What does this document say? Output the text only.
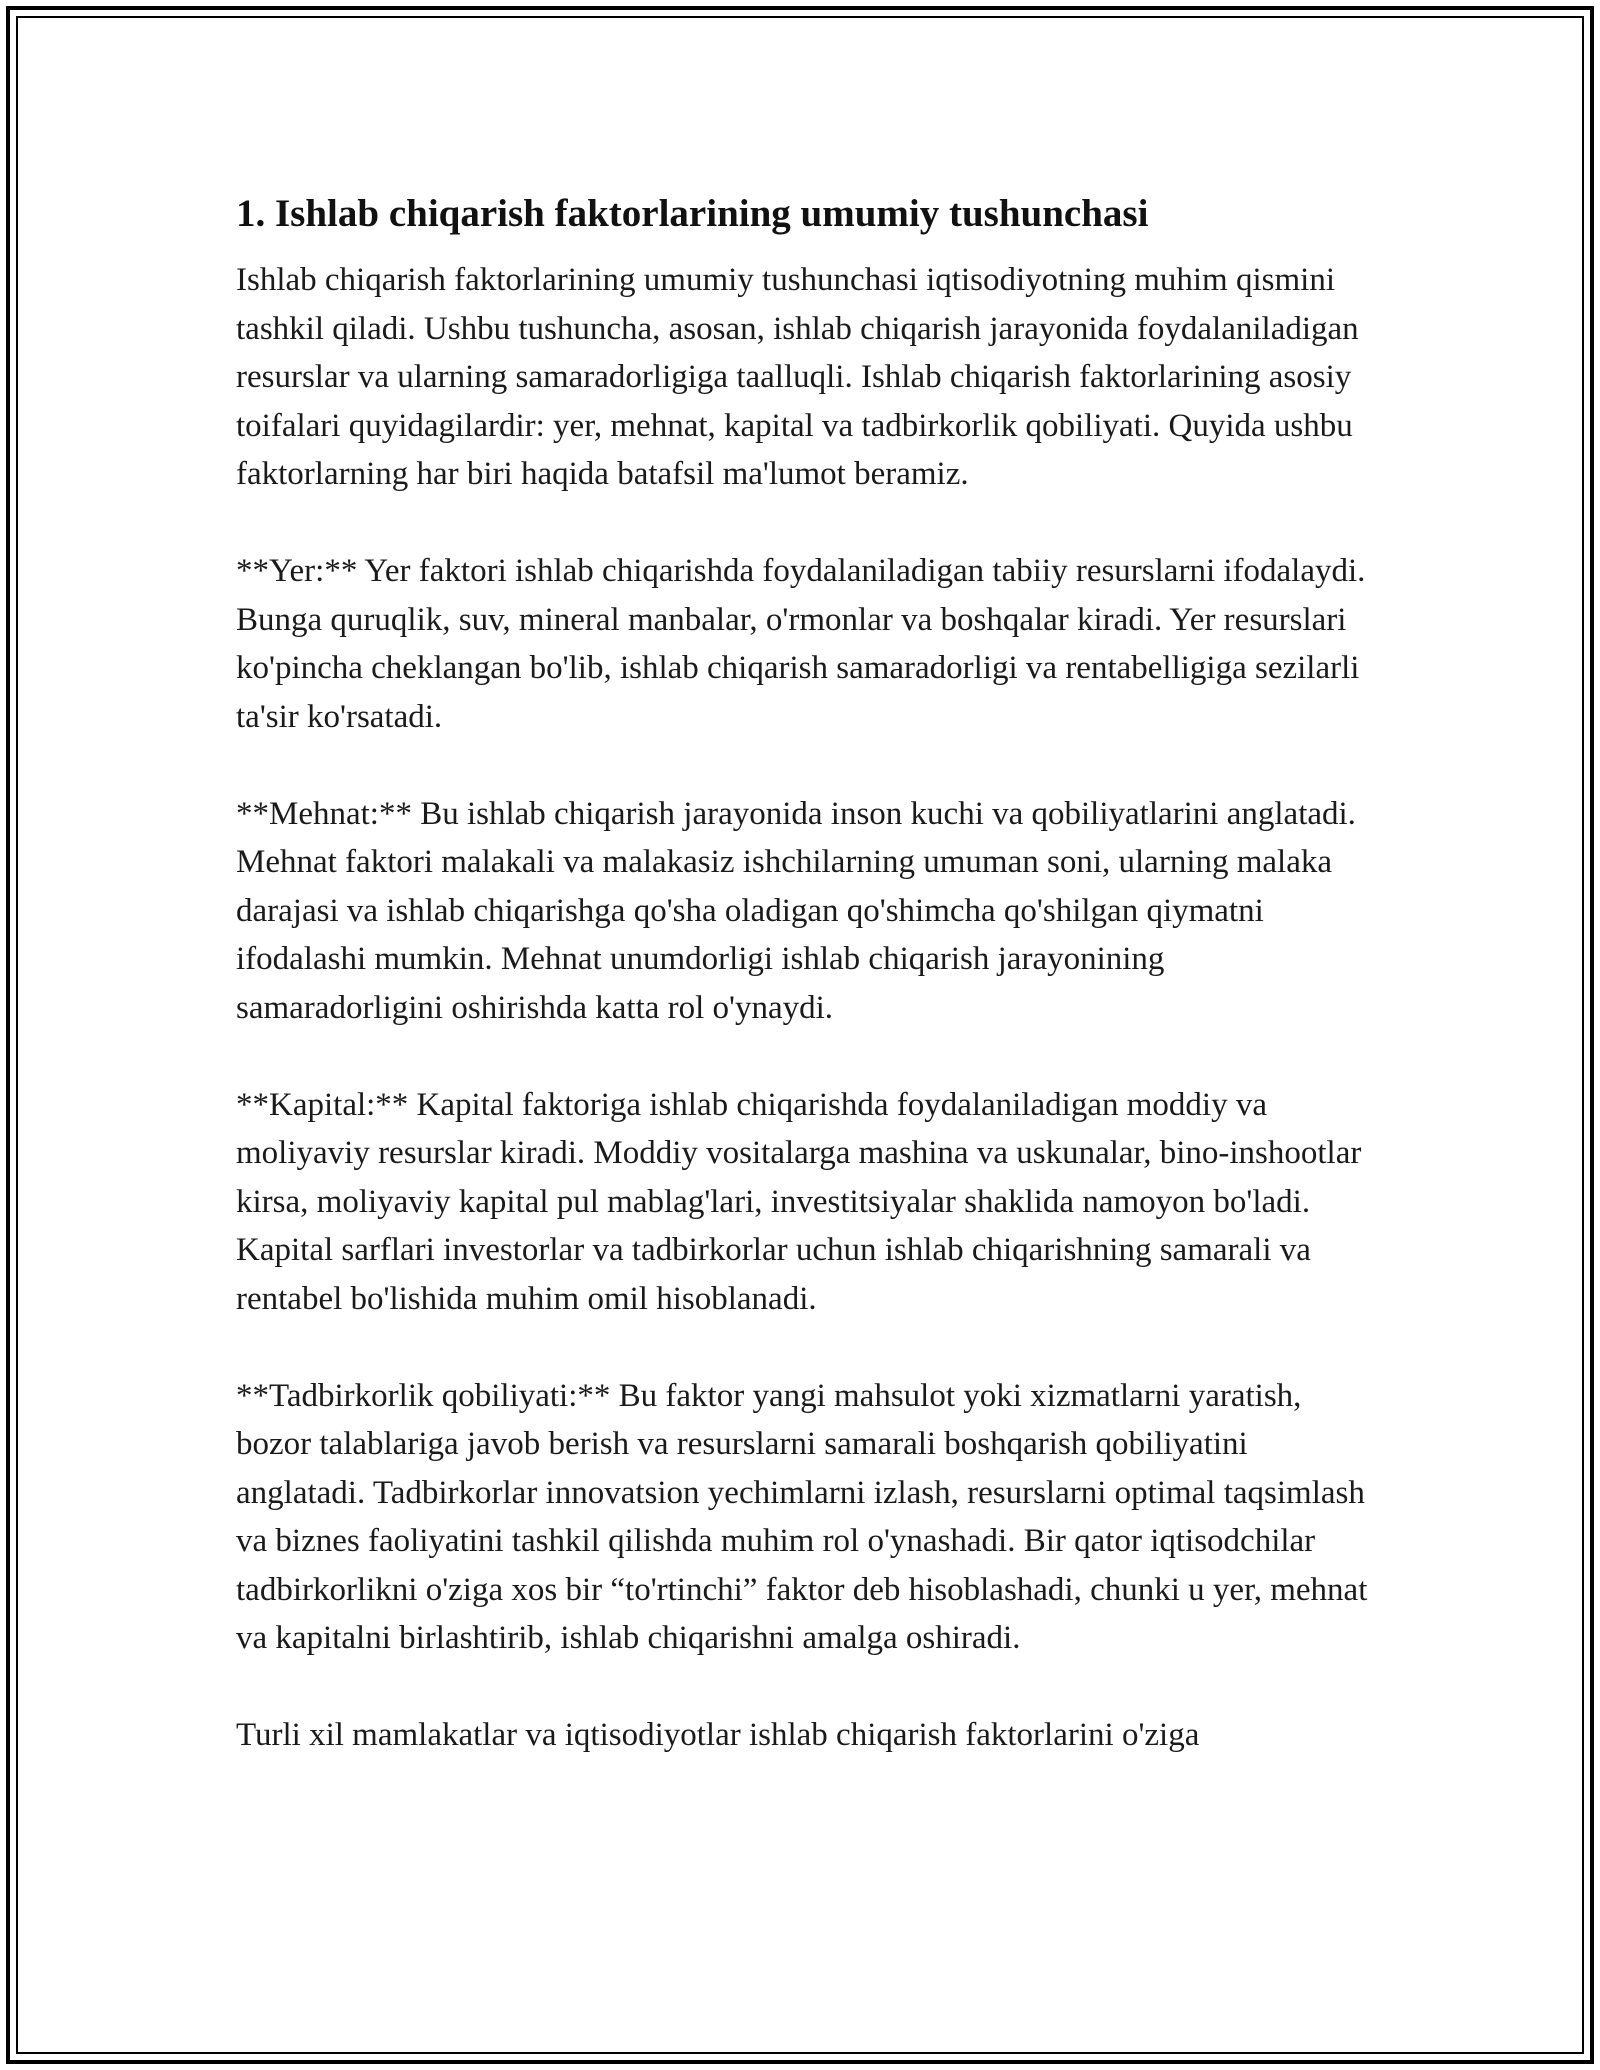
1. Ishlab chiqarish faktorlarining umumiy tushunchasi

Ishlab chiqarish faktorlarining umumiy tushunchasi iqtisodiyotning muhim qismini tashkil qiladi. Ushbu tushuncha, asosan, ishlab chiqarish jarayonida foydalaniladigan resurslar va ularning samaradorligiga taalluqli. Ishlab chiqarish faktorlarining asosiy toifalari quyidagilardir: yer, mehnat, kapital va tadbirkorlik qobiliyati. Quyida ushbu faktorlarning har biri haqida batafsil ma'lumot beramiz.

**Yer:** Yer faktori ishlab chiqarishda foydalaniladigan tabiiy resurslarni ifodalaydi. Bunga quruqlik, suv, mineral manbalar, o'rmonlar va boshqalar kiradi. Yer resurslari ko'pincha cheklangan bo'lib, ishlab chiqarish samaradorligi va rentabelligiga sezilarli ta'sir ko'rsatadi.

**Mehnat:** Bu ishlab chiqarish jarayonida inson kuchi va qobiliyatlarini anglatadi. Mehnat faktori malakali va malakasiz ishchilarning umuman soni, ularning malaka darajasi va ishlab chiqarishga qo'sha oladigan qo'shimcha qo'shilgan qiymatni ifodalashi mumkin. Mehnat unumdorligi ishlab chiqarish jarayonining samaradorligini oshirishda katta rol o'ynaydi.

**Kapital:** Kapital faktoriga ishlab chiqarishda foydalaniladigan moddiy va moliyaviy resurslar kiradi. Moddiy vositalarga mashina va uskunalar, bino-inshootlar kirsa, moliyaviy kapital pul mablag'lari, investitsiyalar shaklida namoyon bo'ladi. Kapital sarflari investorlar va tadbirkorlar uchun ishlab chiqarishning samarali va rentabel bo'lishida muhim omil hisoblanadi.

**Tadbirkorlik qobiliyati:** Bu faktor yangi mahsulot yoki xizmatlarni yaratish, bozor talablariga javob berish va resurslarni samarali boshqarish qobiliyatini anglatadi. Tadbirkorlar innovatsion yechimlarni izlash, resurslarni optimal taqsimlash va biznes faoliyatini tashkil qilishda muhim rol o'ynashadi. Bir qator iqtisodchilar tadbirkorlikni o'ziga xos bir “to'rtinchi” faktor deb hisoblashadi, chunki u yer, mehnat va kapitalni birlashtirib, ishlab chiqarishni amalga oshiradi.

Turli xil mamlakatlar va iqtisodiyotlar ishlab chiqarish faktorlarini o'ziga
